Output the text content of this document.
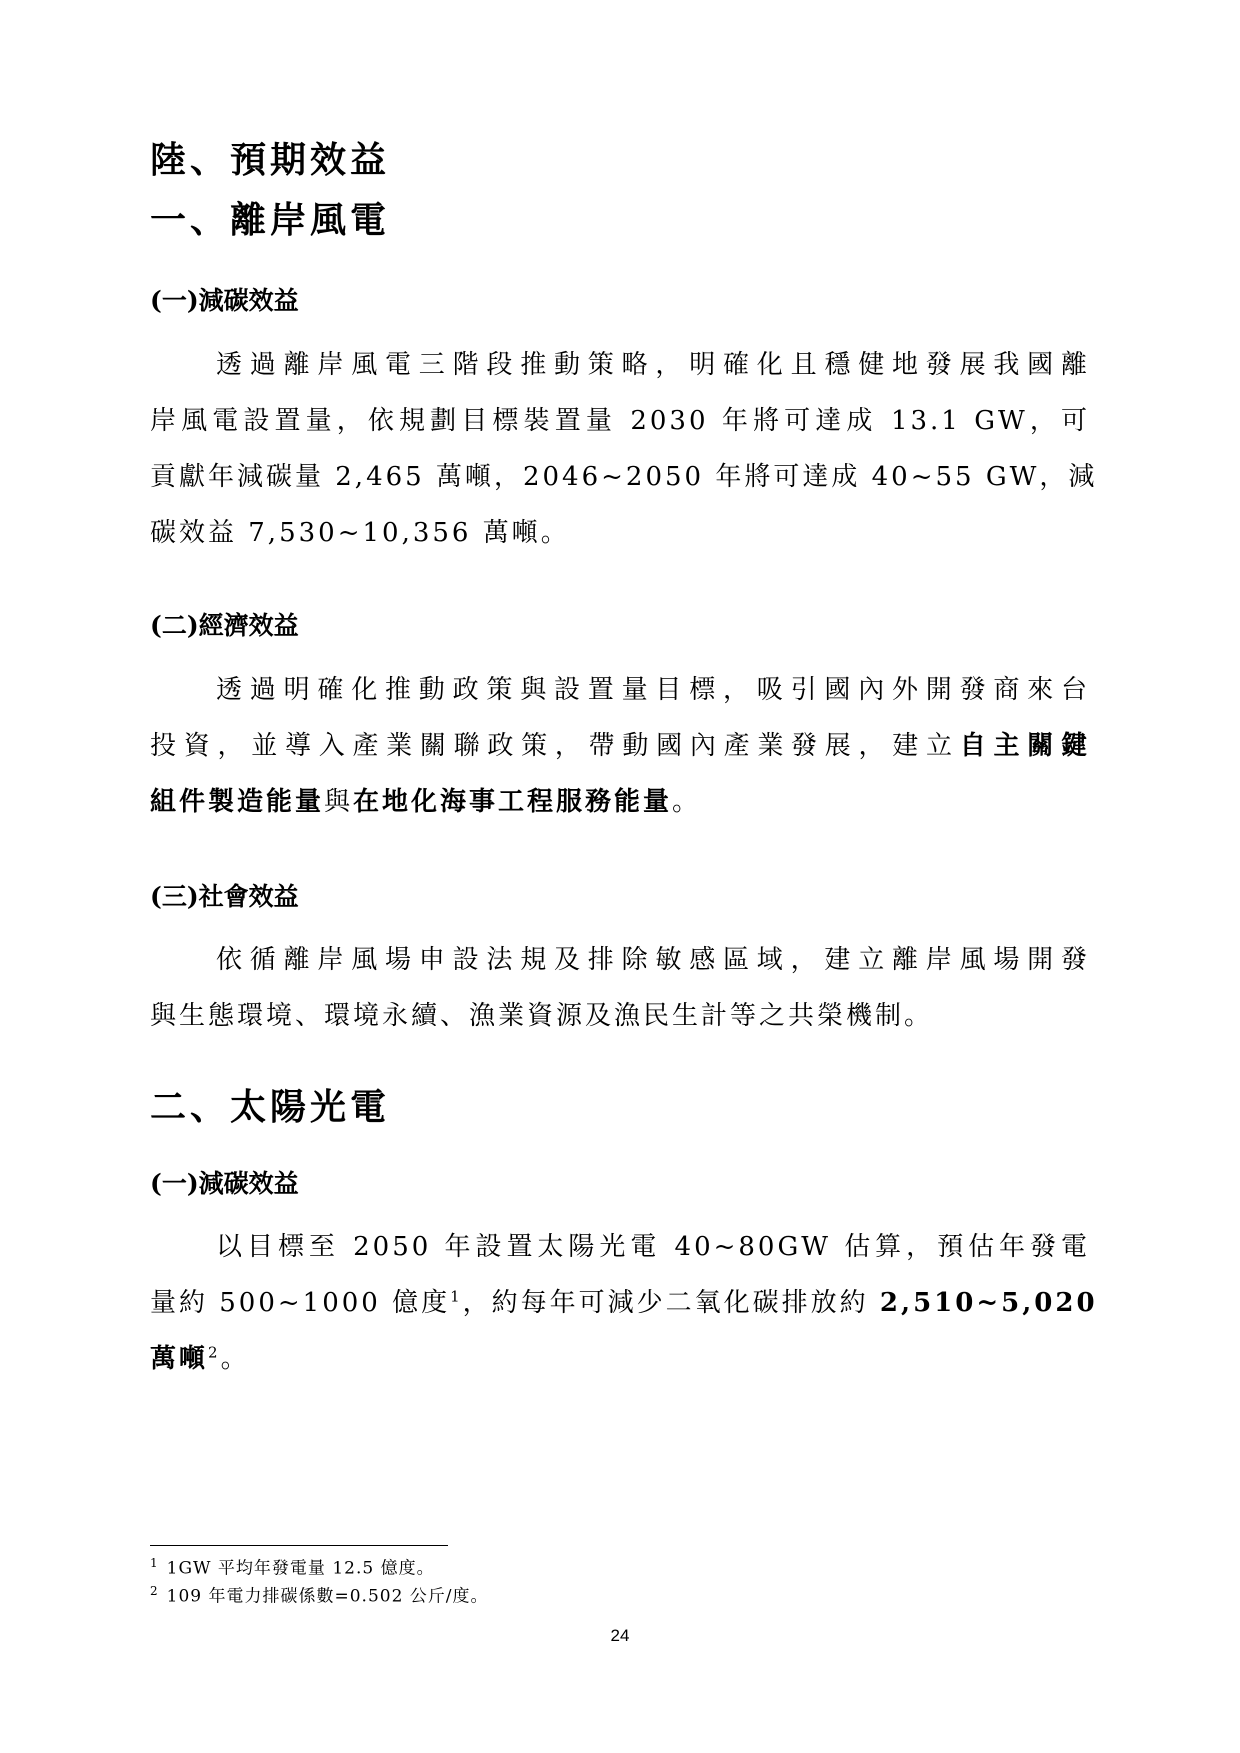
陸、預期效益
一、離岸風電
(一)減碳效益
透過離岸風電三階段推動策略，明確化且穩健地發展我國離
岸風電設置量，依規劃目標裝置量 2030 年將可達成 13.1 GW，可
貢獻年減碳量 2,465 萬噸，2046~2050 年將可達成 40~55 GW，減
碳效益 7,530~10,356 萬噸。
(二)經濟效益
透過明確化推動政策與設置量目標，吸引國內外開發商來台
投資，並導入產業關聯政策，帶動國內產業發展，建立自主關鍵
組件製造能量與在地化海事工程服務能量。
(三)社會效益
依循離岸風場申設法規及排除敏感區域，建立離岸風場開發
與生態環境、環境永續、漁業資源及漁民生計等之共榮機制。
二、太陽光電
(一)減碳效益
以目標至 2050 年設置太陽光電 40~80GW 估算，預估年發電
量約 500~1000 億度$^1$，約每年可減少二氧化碳排放約 2,510~5,020
萬噸$^2$。
$^1$ 1GW 平均年發電量 12.5 億度。
$^2$ 109 年電力排碳係數=0.502 公斤/度。
24
